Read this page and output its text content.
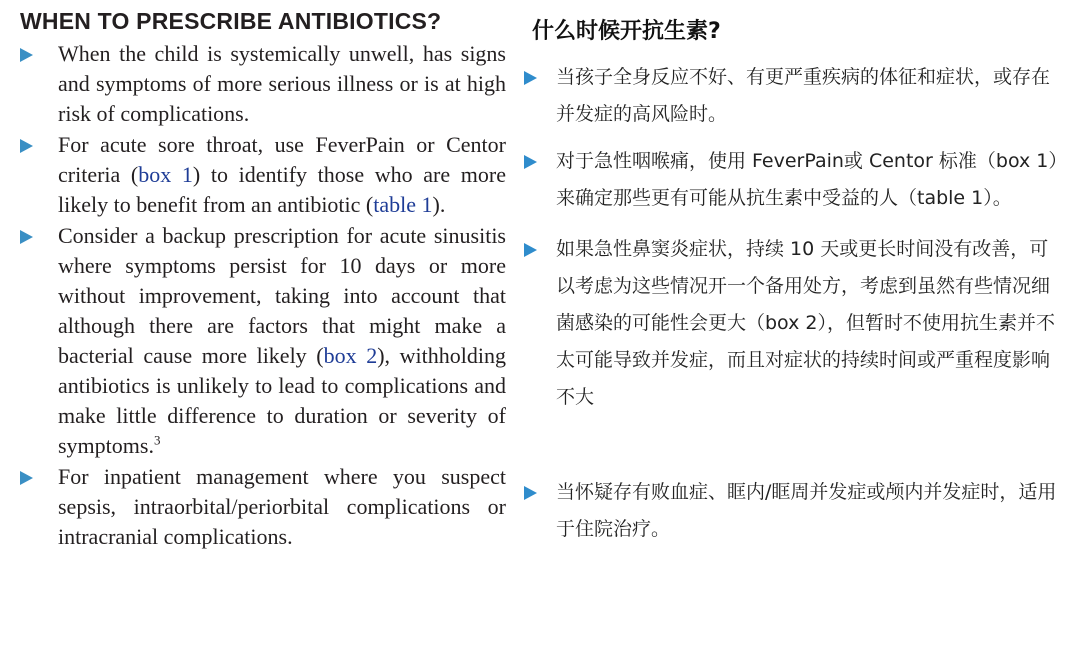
WHEN TO PRESCRIBE ANTIBIOTICS?
When the child is systemically unwell, has signs and symptoms of more serious illness or is at high risk of complications.
For acute sore throat, use FeverPain or Centor criteria (box 1) to identify those who are more likely to benefit from an antibiotic (table 1).
Consider a backup prescription for acute sinusitis where symptoms persist for 10 days or more without improvement, taking into account that although there are factors that might make a bacterial cause more likely (box 2), withholding antibiotics is unlikely to lead to complications and make little difference to duration or severity of symptoms.$^3$
For inpatient management where you suspect sepsis, intraorbital/periorbital complications or intracranial complications.
什么时候开抗生素?
当孩子全身反应不好、有更严重疾病的体征和症状，或存在并发症的高风险时。
对于急性咽喉痛，使用 FeverPain或 Centor 标准（box 1）来确定那些更有可能从抗生素中受益的人（table 1）。
如果急性鼻窦炎症状，持续 10 天或更长时间没有改善，可以考虑为这些情况开一个备用处方，考虑到虽然有些情况细菌感染的可能性会更大（box 2），但暂时不使用抗生素并不太可能导致并发症，而且对症状的持续时间或严重程度影响不大
当怀疑存有败血症、眶内/眶周并发症或颅内并发症时，适用于住院治疗。
